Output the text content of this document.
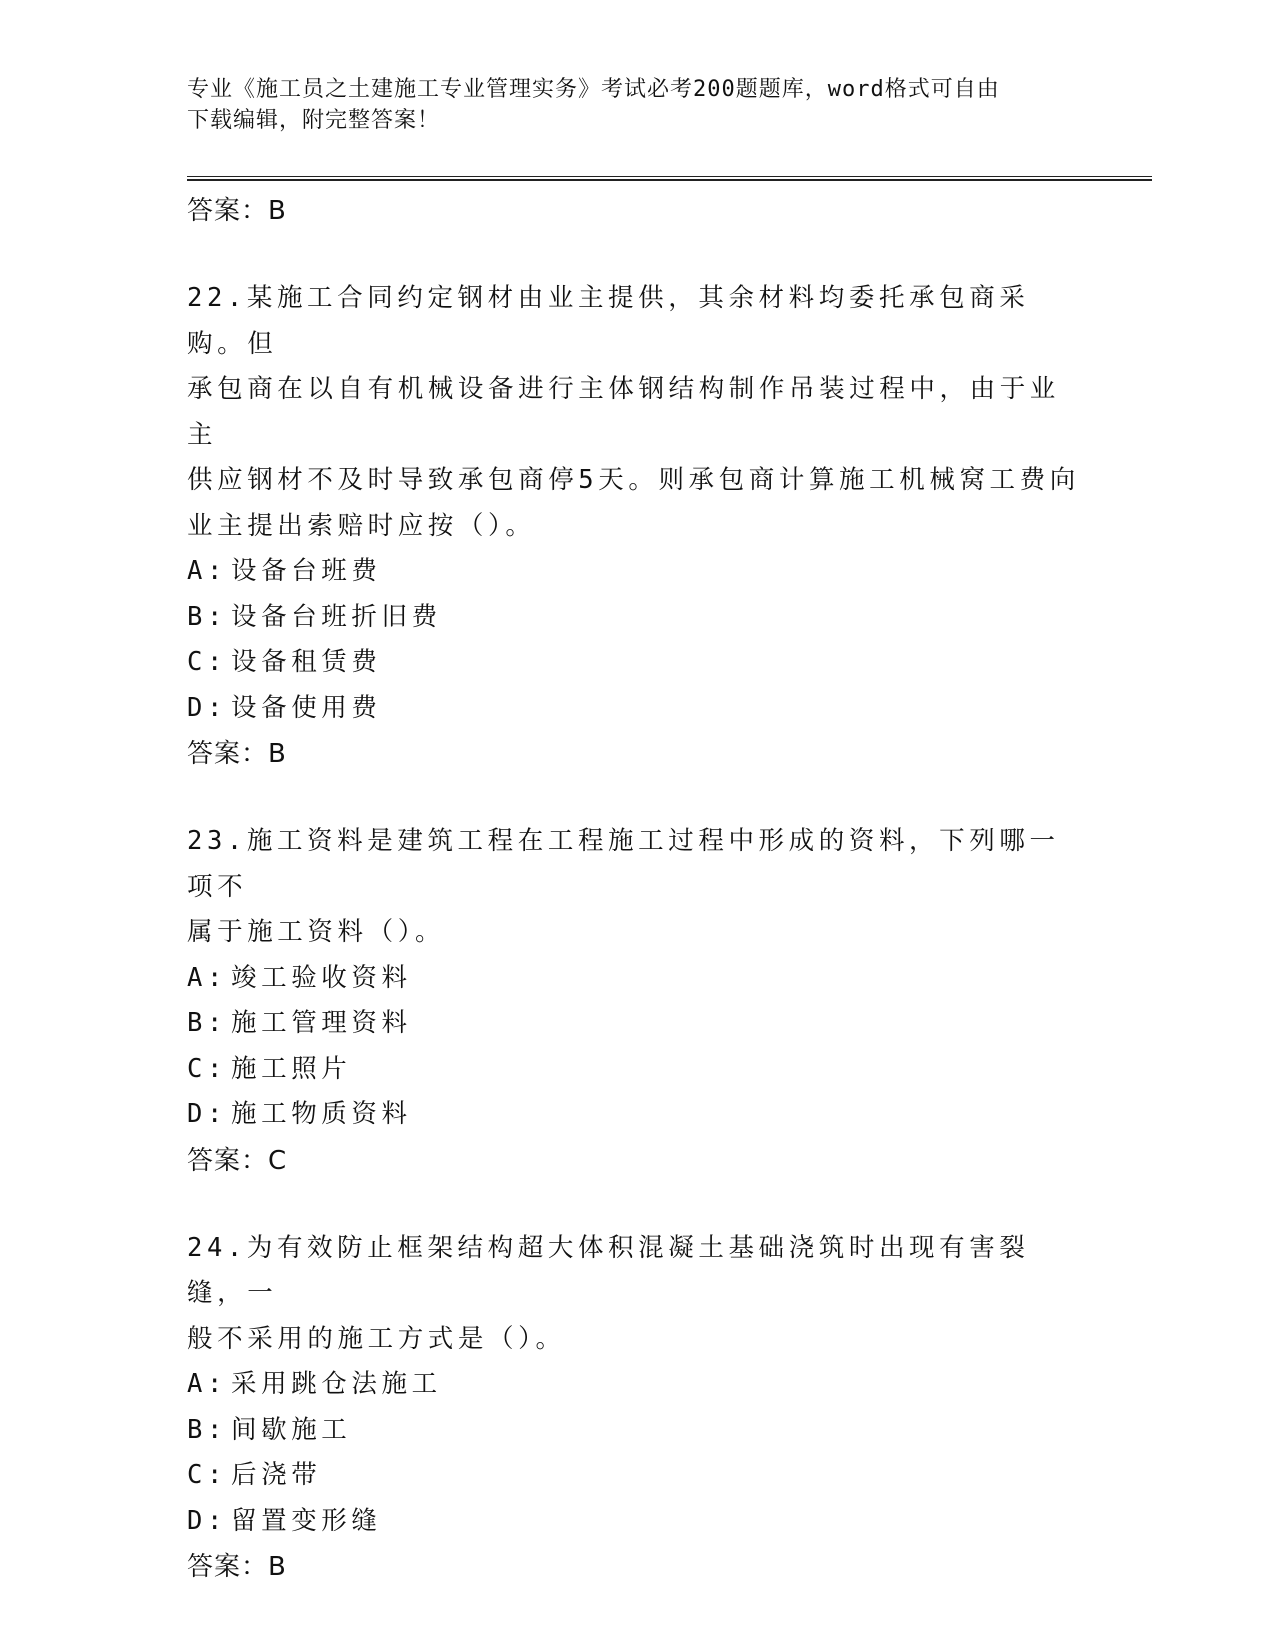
专业《施工员之土建施工专业管理实务》考试必考200题题库，word格式可自由
下载编辑，附完整答案！
答案：B
22.某施工合同约定钢材由业主提供，其余材料均委托承包商采购。但
承包商在以自有机械设备进行主体钢结构制作吊装过程中，由于业主
供应钢材不及时导致承包商停5天。则承包商计算施工机械窝工费向
业主提出索赔时应按（）。
A: 设备台班费
B: 设备台班折旧费
C: 设备租赁费
D: 设备使用费
答案：B
23.施工资料是建筑工程在工程施工过程中形成的资料，下列哪一项不
属于施工资料（）。
A: 竣工验收资料
B: 施工管理资料
C: 施工照片
D: 施工物质资料
答案：C
24.为有效防止框架结构超大体积混凝土基础浇筑时出现有害裂缝，一
般不采用的施工方式是（）。
A: 采用跳仓法施工
B: 间歇施工
C: 后浇带
D: 留置变形缝
答案：B
